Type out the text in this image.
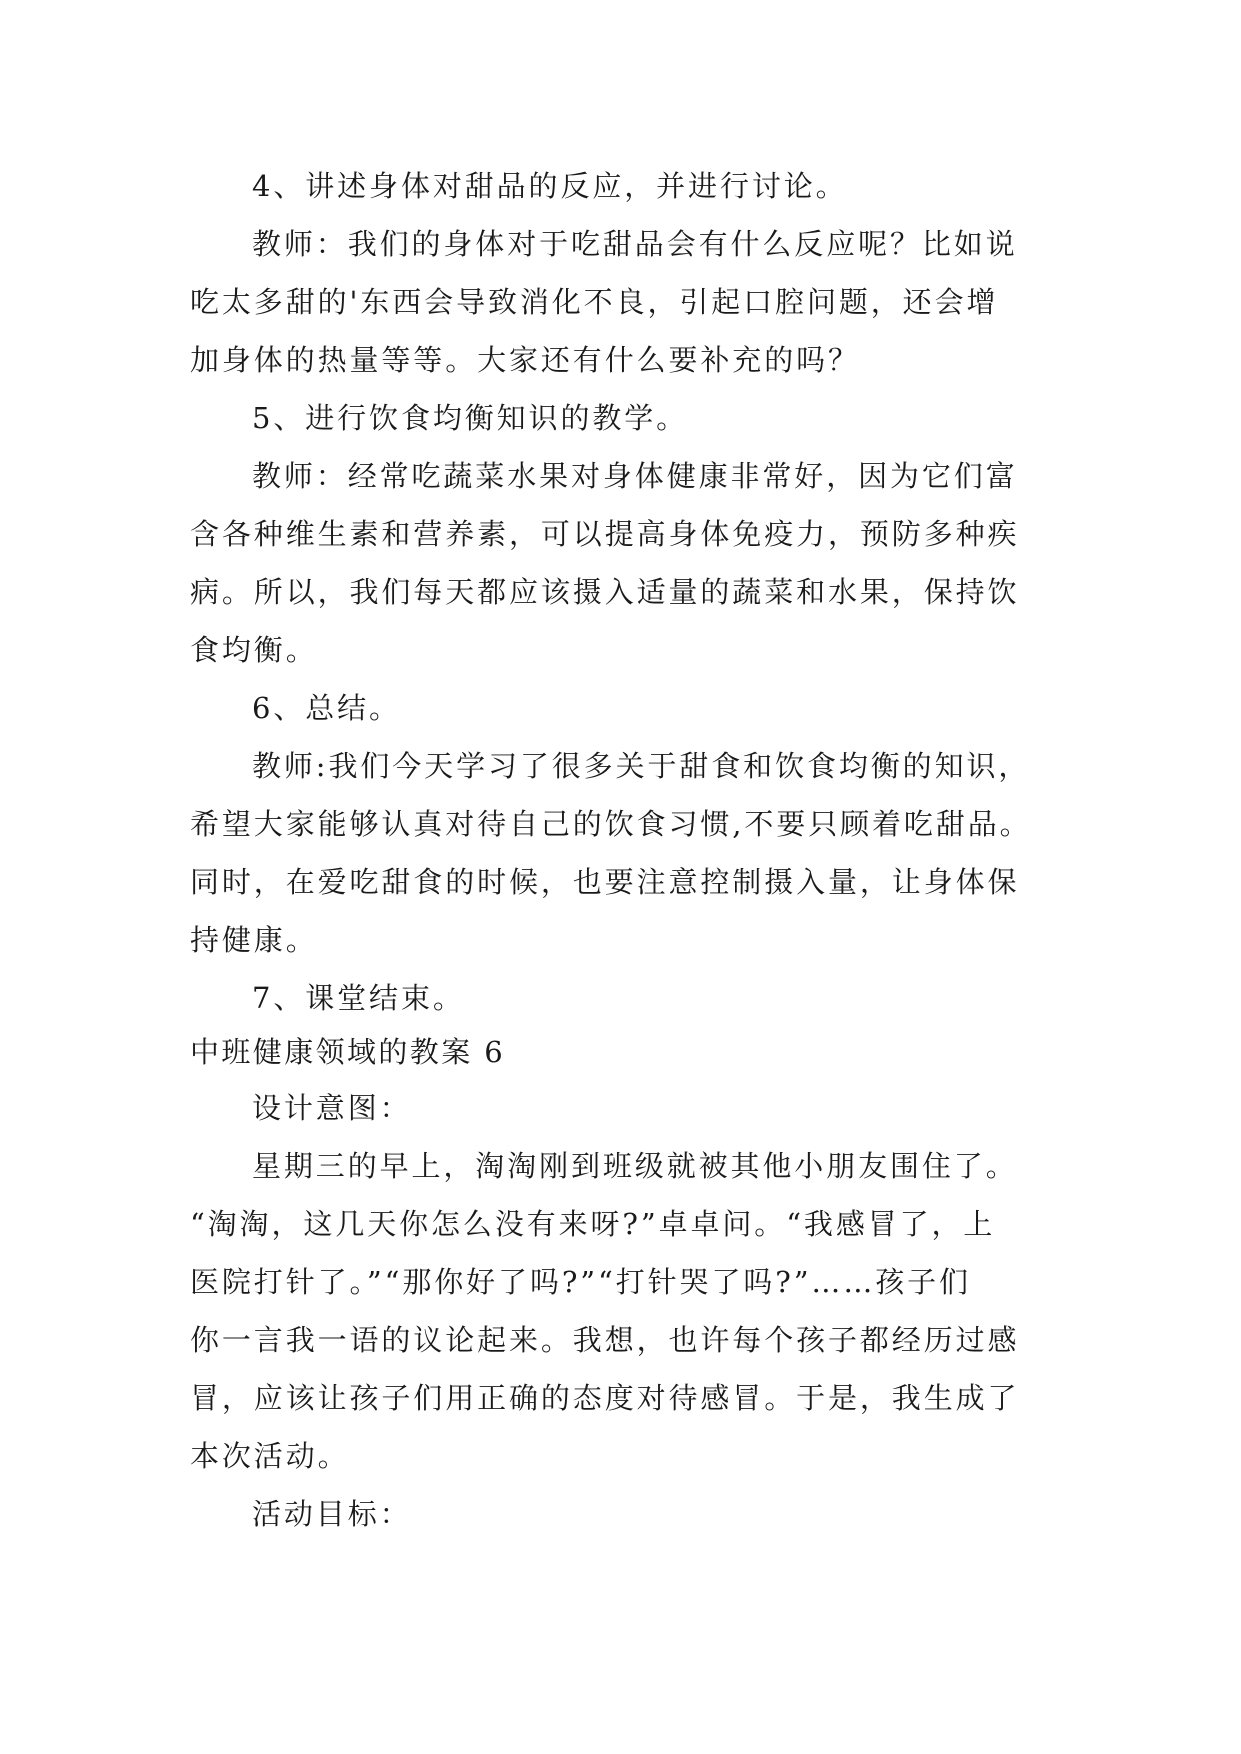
4、讲述身体对甜品的反应，并进行讨论。
教师：我们的身体对于吃甜品会有什么反应呢？比如说
吃太多甜的'东西会导致消化不良，引起口腔问题，还会增
加身体的热量等等。大家还有什么要补充的吗？
5、进行饮食均衡知识的教学。
教师：经常吃蔬菜水果对身体健康非常好，因为它们富
含各种维生素和营养素，可以提高身体免疫力，预防多种疾
病。所以，我们每天都应该摄入适量的蔬菜和水果，保持饮
食均衡。
6、总结。
教师:我们今天学习了很多关于甜食和饮食均衡的知识，
希望大家能够认真对待自己的饮食习惯,不要只顾着吃甜品。
同时，在爱吃甜食的时候，也要注意控制摄入量，让身体保
持健康。
7、课堂结束。
中班健康领域的教案 6
设计意图：
星期三的早上，淘淘刚到班级就被其他小朋友围住了。
“淘淘，这几天你怎么没有来呀?”卓卓问。“我感冒了，上
医院打针了。”“那你好了吗?”“打针哭了吗?”……孩子们
你一言我一语的议论起来。我想，也许每个孩子都经历过感
冒，应该让孩子们用正确的态度对待感冒。于是，我生成了
本次活动。
活动目标：
